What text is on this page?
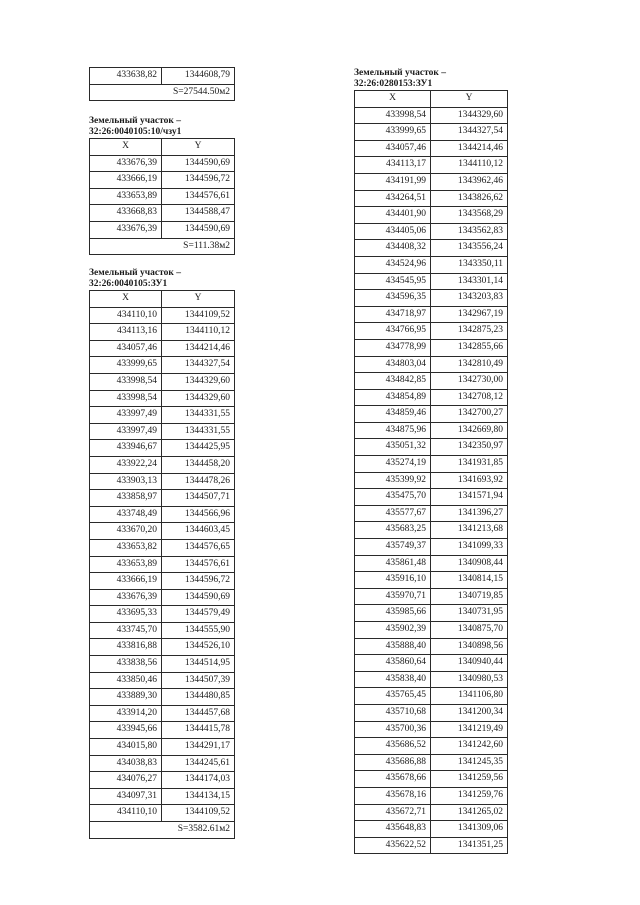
433638,82	1344608,79
S=27544.50м2
Земельный участок –
32:26:0040105:10/чзу1
X	Y
433676,39	1344590,69
433666,19	1344596,72
433653,89	1344576,61
433668,83	1344588,47
433676,39	1344590,69
S=111.38м2	
Земельный участок –
32:26:0040105:ЗУ1
X	Y
434110,10	1344109,52
434113,16	1344110,12
434057,46	1344214,46
433999,65	1344327,54
433998,54	1344329,60
433998,54	1344329,60
433997,49	1344331,55
433997,49	1344331,55
433946,67	1344425,95
433922,24	1344458,20
433903,13	1344478,26
433858,97	1344507,71
433748,49	1344566,96
433670,20	1344603,45
433653,82	1344576,65
433653,89	1344576,61
433666,19	1344596,72
433676,39	1344590,69
433695,33	1344579,49
433745,70	1344555,90
433816,88	1344526,10
433838,56	1344514,95
433850,46	1344507,39
433889,30	1344480,85
433914,20	1344457,68
433945,66	1344415,78
434015,80	1344291,17
434038,83	1344245,61
434076,27	1344174,03
434097,31	1344134,15
434110,10	1344109,52
S=3582.61м2	
Земельный участок –
32:26:0280153:ЗУ1
X	Y
433998,54	1344329,60
433999,65	1344327,54
434057,46	1344214,46
434113,17	1344110,12
434191,99	1343962,46
434264,51	1343826,62
434401,90	1343568,29
434405,06	1343562,83
434408,32	1343556,24
434524,96	1343350,11
434545,95	1343301,14
434596,35	1343203,83
434718,97	1342967,19
434766,95	1342875,23
434778,99	1342855,66
434803,04	1342810,49
434842,85	1342730,00
434854,89	1342708,12
434859,46	1342700,27
434875,96	1342669,80
435051,32	1342350,97
435274,19	1341931,85
435399,92	1341693,92
435475,70	1341571,94
435577,67	1341396,27
435683,25	1341213,68
435749,37	1341099,33
435861,48	1340908,44
435916,10	1340814,15
435970,71	1340719,85
435985,66	1340731,95
435902,39	1340875,70
435888,40	1340898,56
435860,64	1340940,44
435838,40	1340980,53
435765,45	1341106,80
435710,68	1341200,34
435700,36	1341219,49
435686,52	1341242,60
435686,88	1341245,35
435678,66	1341259,56
435678,16	1341259,76
435672,71	1341265,02
435648,83	1341309,06
435622,52	1341351,25
